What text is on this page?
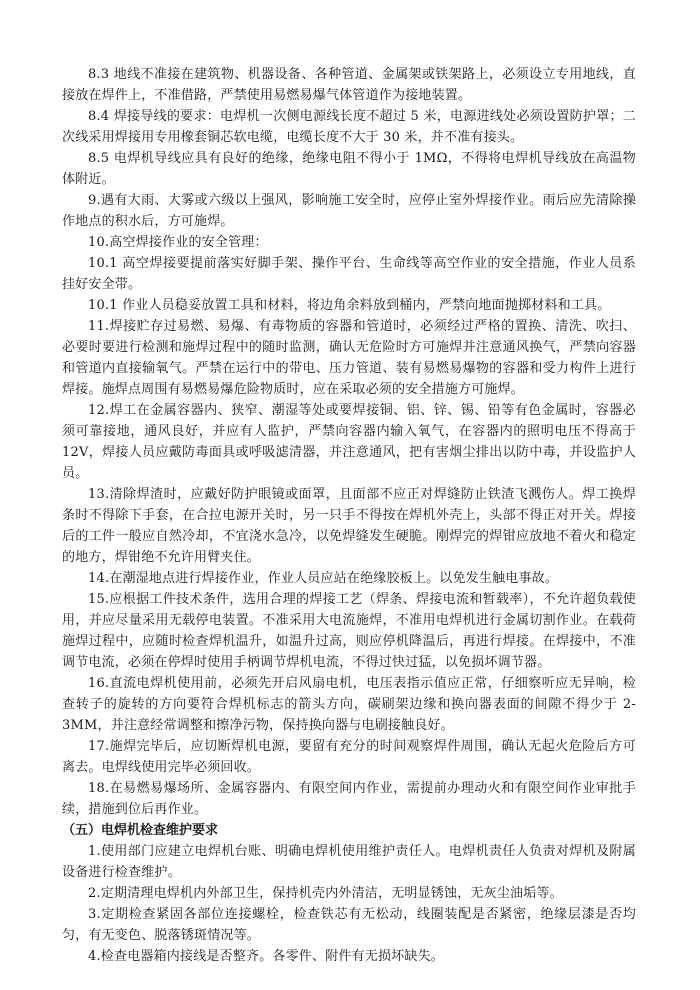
8.3 地线不准接在建筑物、机器设备、各种管道、金属架或铁架路上，必须设立专用地线，直接放在焊件上，不准借路，严禁使用易燃易爆气体管道作为接地装置。

8.4 焊接导线的要求：电焊机一次侧电源线长度不超过 5 米，电源进线处必须设置防护罩；二次线采用焊接用专用橡套铜芯软电缆，电缆长度不大于 30 米，并不准有接头。

8.5 电焊机导线应具有良好的绝缘，绝缘电阻不得小于 1MΩ，不得将电焊机导线放在高温物体附近。

9.遇有大雨、大雾或六级以上强风，影响施工安全时，应停止室外焊接作业。雨后应先清除操作地点的积水后，方可施焊。

10.高空焊接作业的安全管理：

10.1 高空焊接要提前落实好脚手架、操作平台、生命线等高空作业的安全措施，作业人员系挂好安全带。

10.1 作业人员稳妥放置工具和材料，将边角余料放到桶内，严禁向地面抛掷材料和工具。

11.焊接贮存过易燃、易爆、有毒物质的容器和管道时，必须经过严格的置换、清洗、吹扫、必要时要进行检测和施焊过程中的随时监测，确认无危险时方可施焊并注意通风换气，严禁向容器和管道内直接输氧气。严禁在运行中的带电、压力管道、装有易燃易爆物的容器和受力构件上进行焊接。施焊点周围有易燃易爆危险物质时，应在采取必须的安全措施方可施焊。

12.焊工在金属容器内、狭窄、潮湿等处或要焊接铜、铝、锌、锡、铅等有色金属时，容器必须可靠接地，通风良好，并应有人监护，严禁向容器内输入氧气，在容器内的照明电压不得高于 12V，焊接人员应戴防毒面具或呼吸滤清器，并注意通风，把有害烟尘排出以防中毒，并设监护人员。

13.清除焊渣时，应戴好防护眼镜或面罩，且面部不应正对焊缝防止铁渣飞溅伤人。焊工换焊条时不得除下手套，在合拉电源开关时，另一只手不得按在焊机外壳上，头部不得正对开关。焊接后的工件一般应自然冷却，不宜浇水急冷，以免焊缝发生硬脆。刚焊完的焊钳应放地不着火和稳定的地方，焊钳绝不允许用臂夹住。

14.在潮湿地点进行焊接作业，作业人员应站在绝缘胶板上。以免发生触电事故。

15.应根据工件技术条件，选用合理的焊接工艺（焊条、焊接电流和暂载率），不允许超负载使用，并应尽量采用无载停电装置。不准采用大电流施焊，不准用电焊机进行金属切割作业。在载荷施焊过程中，应随时检查焊机温升，如温升过高，则应停机降温后，再进行焊接。在焊接中，不准调节电流，必须在停焊时使用手柄调节焊机电流，不得过快过猛，以免损坏调节器。

16.直流电焊机使用前，必须先开启风扇电机，电压表指示值应正常，仔细察听应无异响，检查转子的旋转的方向要符合焊机标志的箭头方向，碳刷架边缘和换向器表面的间隙不得少于 2-3MM，并注意经常调整和擦净污物，保持换向器与电刷接触良好。

17.施焊完毕后，应切断焊机电源，要留有充分的时间观察焊件周围，确认无起火危险后方可离去。电焊线使用完毕必须回收。

18.在易燃易爆场所、金属容器内、有限空间内作业，需提前办理动火和有限空间作业审批手续，措施到位后再作业。

（五）电焊机检查维护要求

1.使用部门应建立电焊机台账、明确电焊机使用维护责任人。电焊机责任人负责对焊机及附属设备进行检查维护。

2.定期清理电焊机内外部卫生，保持机壳内外清洁，无明显锈蚀，无灰尘油垢等。

3.定期检查紧固各部位连接螺栓，检查铁芯有无松动，线圈装配是否紧密，绝缘层漆是否均匀，有无变色、脱落锈斑情况等。

4.检查电器箱内接线是否整齐。各零件、附件有无损坏缺失。
